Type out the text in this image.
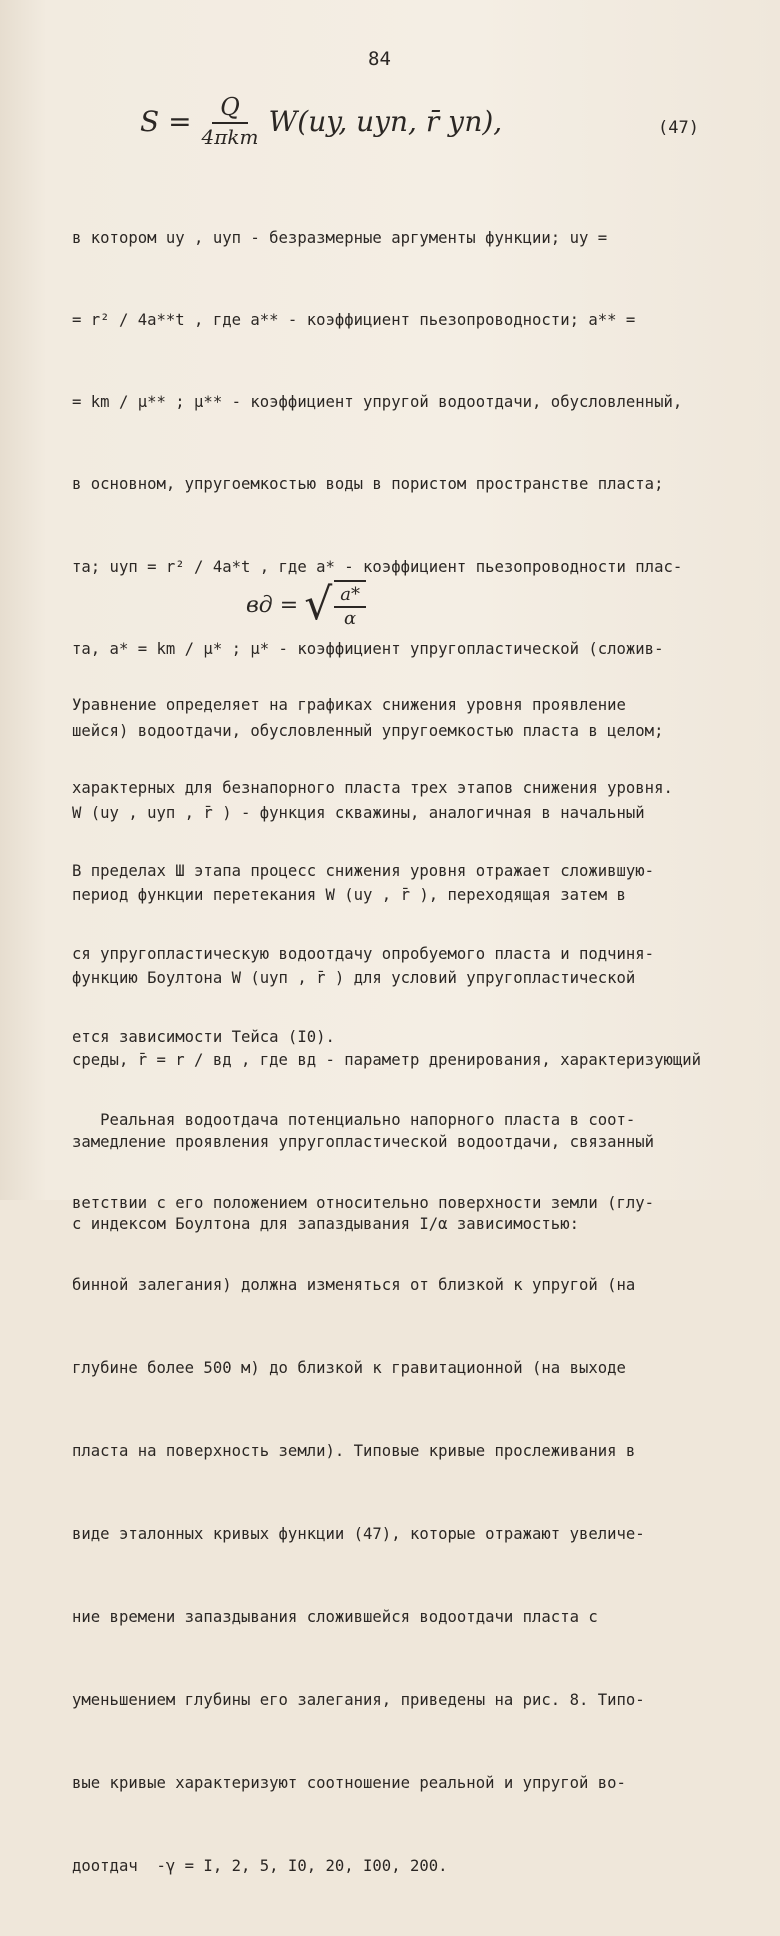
84
$S = \frac{Q}{\text{4πkm}} W(uy$, uyп, r̄ уп),	(47)

в котором uy , uyп - безразмерные аргументы функции; uy =

= r² / 4a**t , где a** - коэффициент пьезопроводности; a** =

= km / μ** ; μ** - коэффициент упругой водоотдачи, обусловленный,

в основном, упругоемкостью воды в пористом пространстве пласта;

та; uyп = r² / 4a*t , где a* - коэффициент пьезопроводности плас-

та, a* = km / μ* ; μ* - коэффициент упругопластической (сложив-

шейся) водоотдачи, обусловленный упругоемкостью пласта в целом;

W (uy , uyп , r̄ ) - функция скважины, аналогичная в начальный

период функции перетекания W (uy , r̄ ), переходящая затем в

функцию Боултона W (uyп , r̄ ) для условий упругопластической

среды, r̄ = r / вд , где вд - параметр дренирования, характеризующий

замедление проявления упругопластической водоотдачи, связанный

с индексом Боултона для запаздывания I/α зависимостью:

вд = √ $\frac{a*}{\alpha}$

Уравнение определяет на графиках снижения уровня проявление

характерных для безнапорного пласта трех этапов снижения уровня.

В пределах Ш этапа процесс снижения уровня отражает сложившую-

ся упругопластическую водоотдачу опробуемого пласта и подчиня-

ется зависимости Тейса (I0).

Реальная водоотдача потенциально напорного пласта в соот-

ветствии с его положением относительно поверхности земли (глу-

бинной залегания) должна изменяться от близкой к упругой (на

глубине более 500 м) до близкой к гравитационной (на выходе

пласта на поверхность земли). Типовые кривые прослеживания в

виде эталонных кривых функции (47), которые отражают увеличе-

ние времени запаздывания сложившейся водоотдачи пласта с

уменьшением глубины его залегания, приведены на рис. 8. Типо-

вые кривые характеризуют соотношение реальной и упругой во-

доотдач  -γ = I, 2, 5, I0, 20, I00, 200.
